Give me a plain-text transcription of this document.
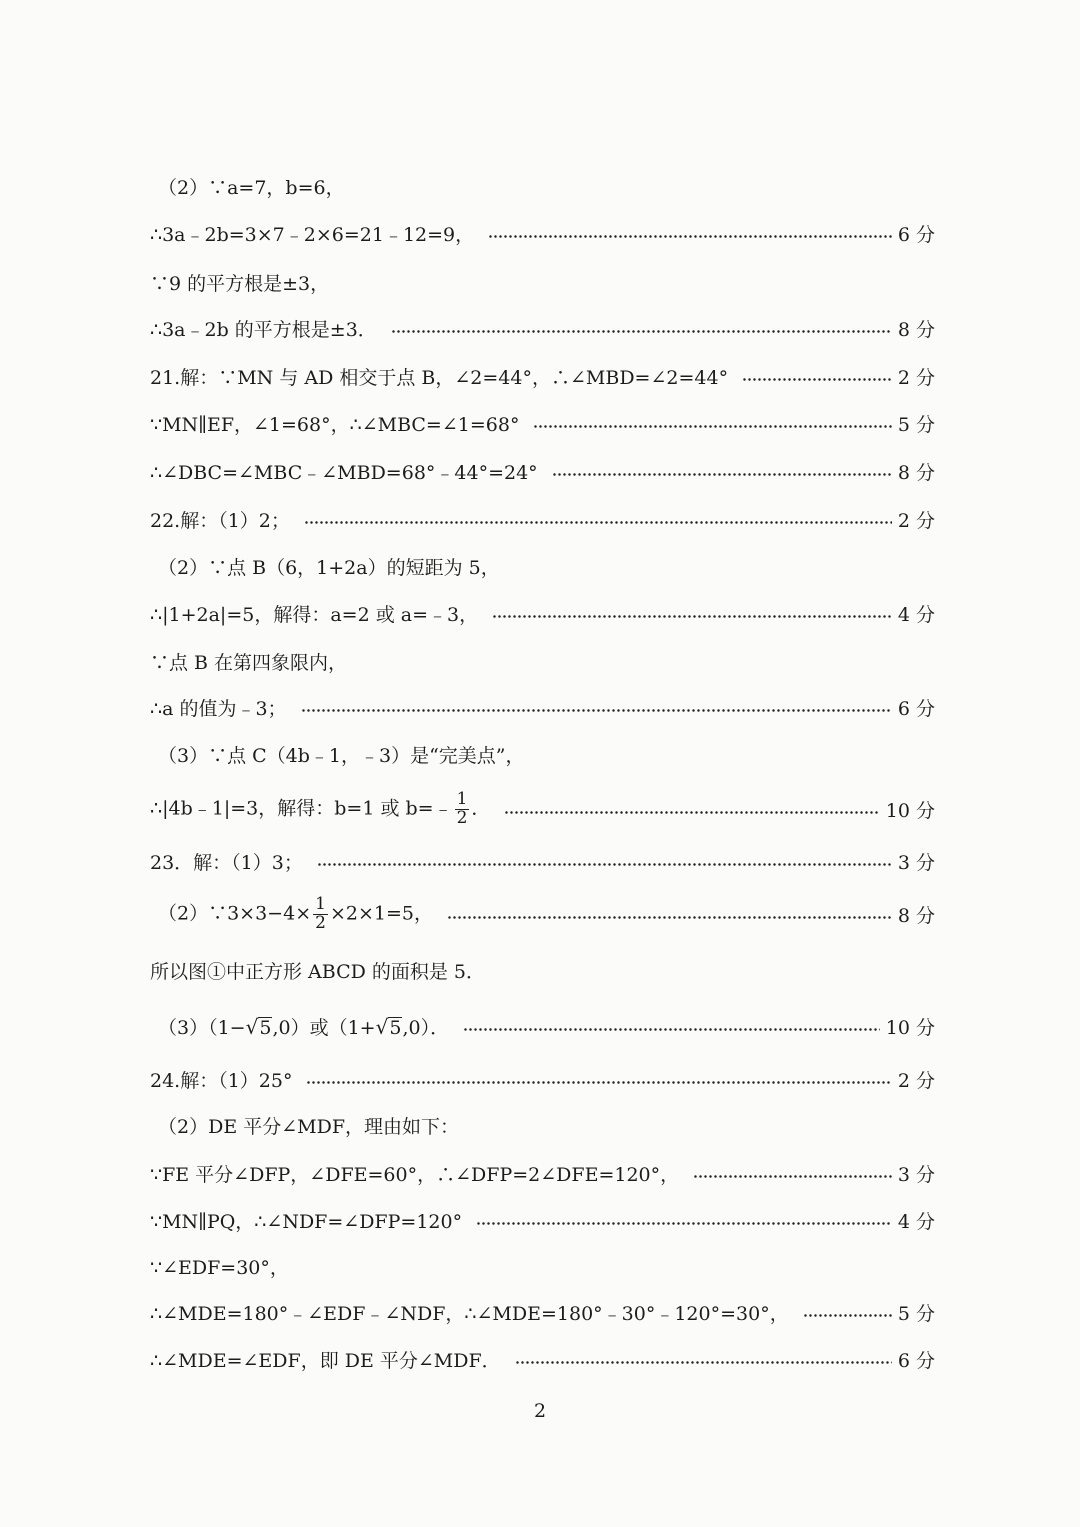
（2）∵a=7，b=6，
∴3a﹣2b=3×7﹣2×6=21﹣12=9，	6 分
∵9 的平方根是±3，
∴3a﹣2b 的平方根是±3．	8 分
21.解：∵MN 与 AD 相交于点 B，∠2=44°，∴∠MBD=∠2=44°	2 分
∵MN∥EF，∠1=68°，∴∠MBC=∠1=68°	5 分
∴∠DBC=∠MBC﹣∠MBD=68°﹣44°=24°	8 分
22.解：（1）2；	2 分
（2）∵点 B（6，1+2a）的短距为 5，
∴|1+2a|=5，解得：a=2 或 a=﹣3，	4 分
∵点 B 在第四象限内，
∴a 的值为﹣3；	6 分
（3）∵点 C（4b﹣1，﹣3）是“完美点”，
∴|4b﹣1|=3，解得：b=1 或 b=﹣ $\frac{1}{2}$ ．	10 分
23．解：（1）3；	3 分
（2）∵3×3−4× $\frac{1}{2} \times 2\times 1=5$，	8 分
所以图①中正方形 ABCD 的面积是 5．
（3）（1− √ 5 ,0）或（1+ √ 5 ,0）．	10 分
24.解：（1）25°	2 分
（2）DE 平分∠MDF，理由如下：
∵FE 平分∠DFP，∠DFE=60°，∴∠DFP=2∠DFE=120°，	3 分
∵MN∥PQ，∴∠NDF=∠DFP=120°	4 分
∵∠EDF=30°，
∴∠MDE=180°﹣∠EDF﹣∠NDF，∴∠MDE=180°﹣30°﹣120°=30°，	5 分
∴∠MDE=∠EDF，即 DE 平分∠MDF．	6 分
2
